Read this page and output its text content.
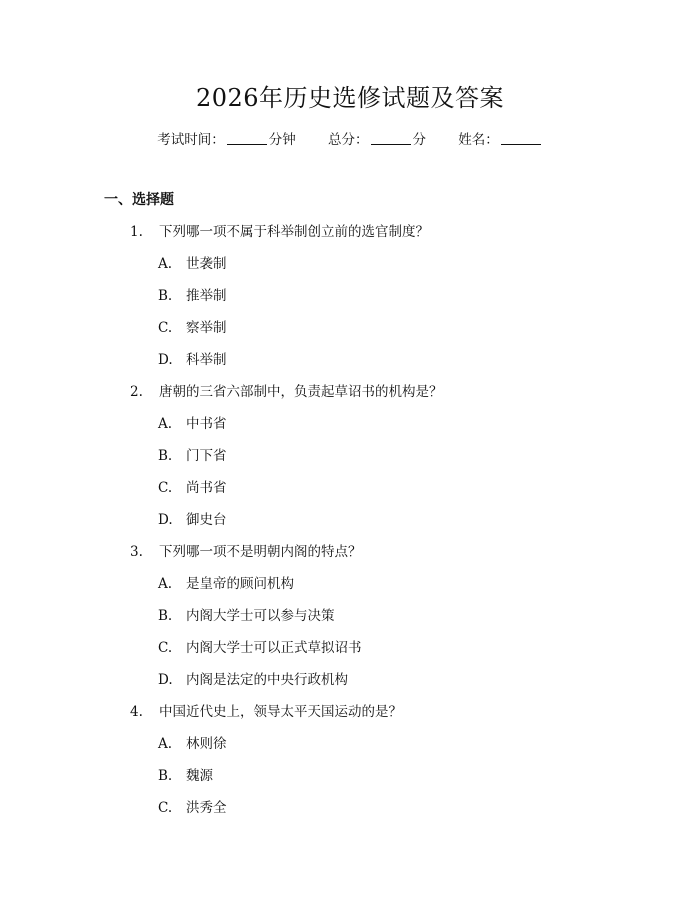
2026年历史选修试题及答案
考试时间：	分钟 总分：	分 姓名：
一、选择题
1.	下列哪一项不属于科举制创立前的选官制度？
A.	世袭制
B.	推举制
C.	察举制
D. 科举制
2.	唐朝的三省六部制中，负责起草诏书的机构是？
A.	中书省
B.	门下省
C.	尚书省
D. 御史台
3.	下列哪一项不是明朝内阁的特点？
A.	是皇帝的顾问机构
B.	内阁大学士可以参与决策
C.	内阁大学士可以正式草拟诏书
D. 内阁是法定的中央行政机构
4.	中国近代史上，领导太平天国运动的是？
A.	林则徐
B.	魏源
C.	洪秀全
